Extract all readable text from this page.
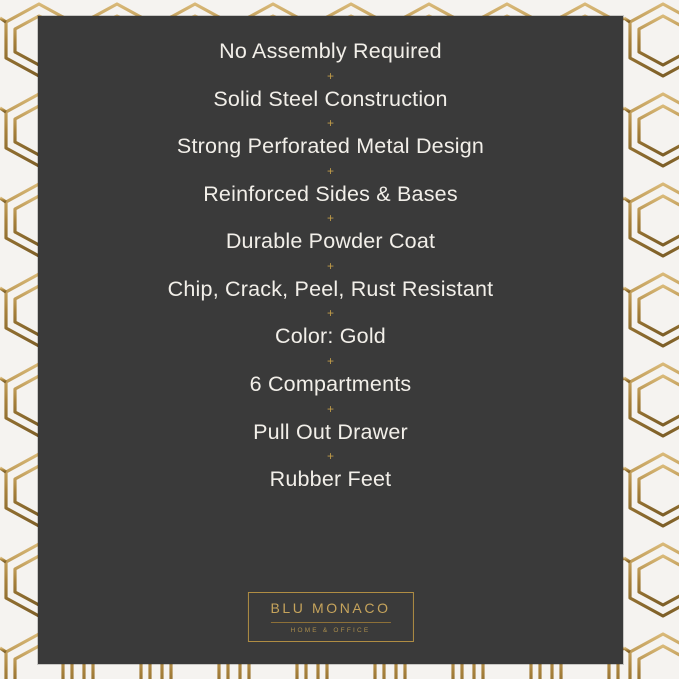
No Assembly Required

+

Solid Steel Construction

+

Strong Perforated Metal Design

+

Reinforced Sides & Bases

+

Durable Powder Coat

+

Chip, Crack, Peel, Rust Resistant

+

Color: Gold

+

6 Compartments

+

Pull Out Drawer

+

Rubber Feet

BLU MONACO
HOME & OFFICE
